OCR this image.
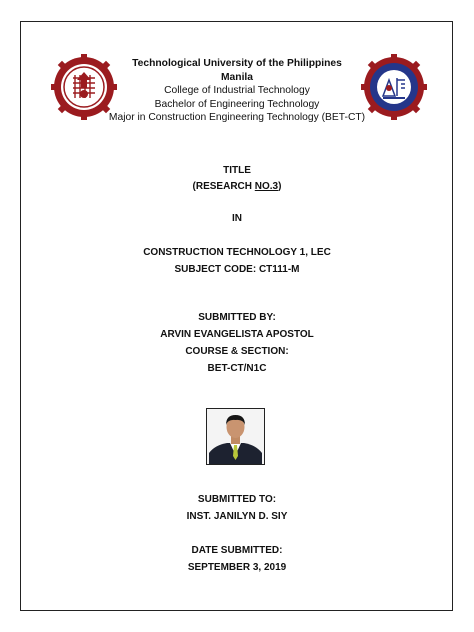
Technological University of the Philippines
Manila
College of Industrial Technology
Bachelor of Engineering Technology
Major in Construction Engineering Technology (BET-CT)
TITLE
(RESEARCH NO.3)
IN
CONSTRUCTION TECHNOLOGY 1, LEC
SUBJECT CODE: CT111-M
SUBMITTED BY:
ARVIN EVANGELISTA APOSTOL
COURSE & SECTION:
BET-CT/N1C
SUBMITTED TO:
INST. JANILYN D. SIY
DATE SUBMITTED:
SEPTEMBER 3, 2019
